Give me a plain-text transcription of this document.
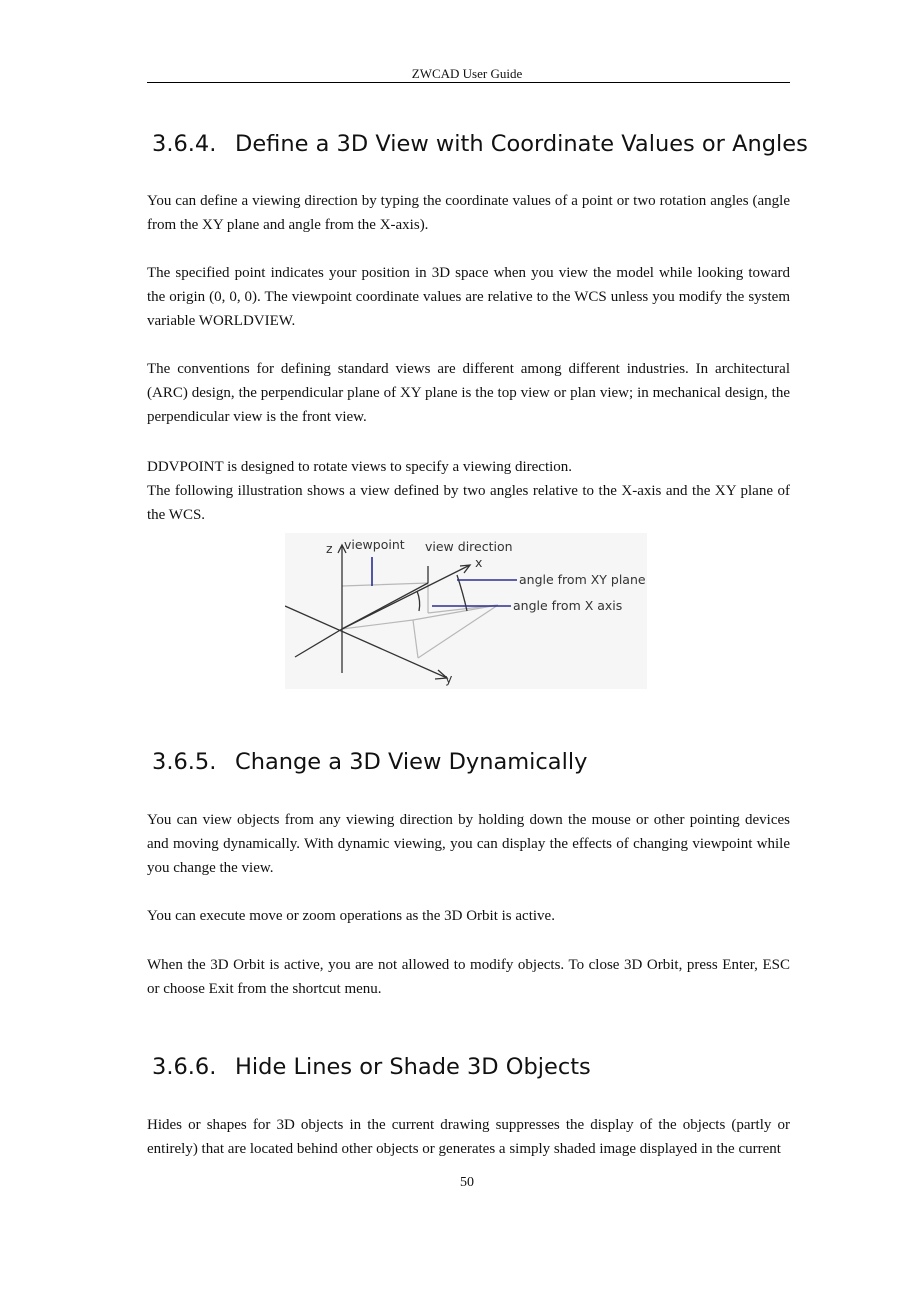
ZWCAD User Guide
3.6.4. Define a 3D View with Coordinate Values or Angles

You can define a viewing direction by typing the coordinate values of a point or two rotation angles (angle from the XY plane and angle from the X-axis).

The specified point indicates your position in 3D space when you view the model while looking toward the origin (0, 0, 0). The viewpoint coordinate values are relative to the WCS unless you modify the system variable WORLDVIEW.

The conventions for defining standard views are different among different industries. In architectural (ARC) design, the perpendicular plane of XY plane is the top view or plan view; in mechanical design, the perpendicular view is the front view.

DDVPOINT is designed to rotate views to specify a viewing direction.

The following illustration shows a view defined by two angles relative to the X-axis and the XY plane of the WCS.

z viewpoint view direction
x
angle from XY plane
angle from X axis
y
3.6.5. Change a 3D View Dynamically

You can view objects from any viewing direction by holding down the mouse or other pointing devices and moving dynamically. With dynamic viewing, you can display the effects of changing viewpoint while you change the view.

You can execute move or zoom operations as the 3D Orbit is active.

When the 3D Orbit is active, you are not allowed to modify objects. To close 3D Orbit, press Enter, ESC or choose Exit from the shortcut menu.

3.6.6. Hide Lines or Shade 3D Objects

Hides or shapes for 3D objects in the current drawing suppresses the display of the objects (partly or entirely) that are located behind other objects or generates a simply shaded image displayed in the current

50
